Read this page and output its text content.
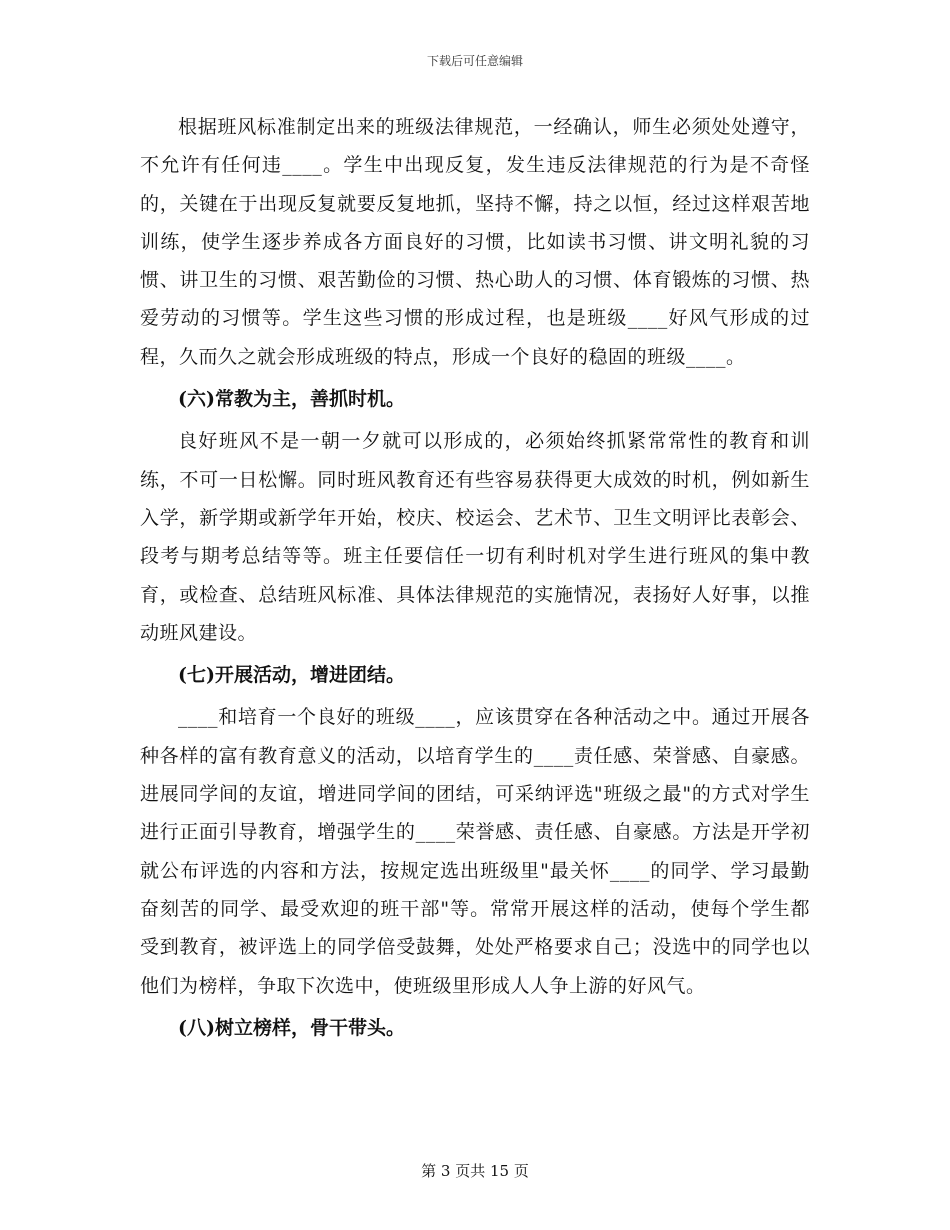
下载后可任意编辑

根据班风标准制定出来的班级法律规范，一经确认，师生必须处处遵守，不允许有任何违____。学生中出现反复，发生违反法律规范的行为是不奇怪的，关键在于出现反复就要反复地抓，坚持不懈，持之以恒，经过这样艰苦地训练，使学生逐步养成各方面良好的习惯，比如读书习惯、讲文明礼貌的习惯、讲卫生的习惯、艰苦勤俭的习惯、热心助人的习惯、体育锻炼的习惯、热爱劳动的习惯等。学生这些习惯的形成过程，也是班级____好风气形成的过程，久而久之就会形成班级的特点，形成一个良好的稳固的班级____。

(六)常教为主，善抓时机。

良好班风不是一朝一夕就可以形成的，必须始终抓紧常常性的教育和训练，不可一日松懈。同时班风教育还有些容易获得更大成效的时机，例如新生入学，新学期或新学年开始，校庆、校运会、艺术节、卫生文明评比表彰会、段考与期考总结等等。班主任要信任一切有利时机对学生进行班风的集中教育，或检查、总结班风标准、具体法律规范的实施情况，表扬好人好事，以推动班风建设。

(七)开展活动，增进团结。

____和培育一个良好的班级____，应该贯穿在各种活动之中。通过开展各种各样的富有教育意义的活动，以培育学生的____责任感、荣誉感、自豪感。进展同学间的友谊，增进同学间的团结，可采纳评选"班级之最"的方式对学生进行正面引导教育，增强学生的____荣誉感、责任感、自豪感。方法是开学初就公布评选的内容和方法，按规定选出班级里"最关怀____的同学、学习最勤奋刻苦的同学、最受欢迎的班干部"等。常常开展这样的活动，使每个学生都受到教育，被评选上的同学倍受鼓舞，处处严格要求自己；没选中的同学也以他们为榜样，争取下次选中，使班级里形成人人争上游的好风气。

(八)树立榜样，骨干带头。

第 3 页共 15 页
